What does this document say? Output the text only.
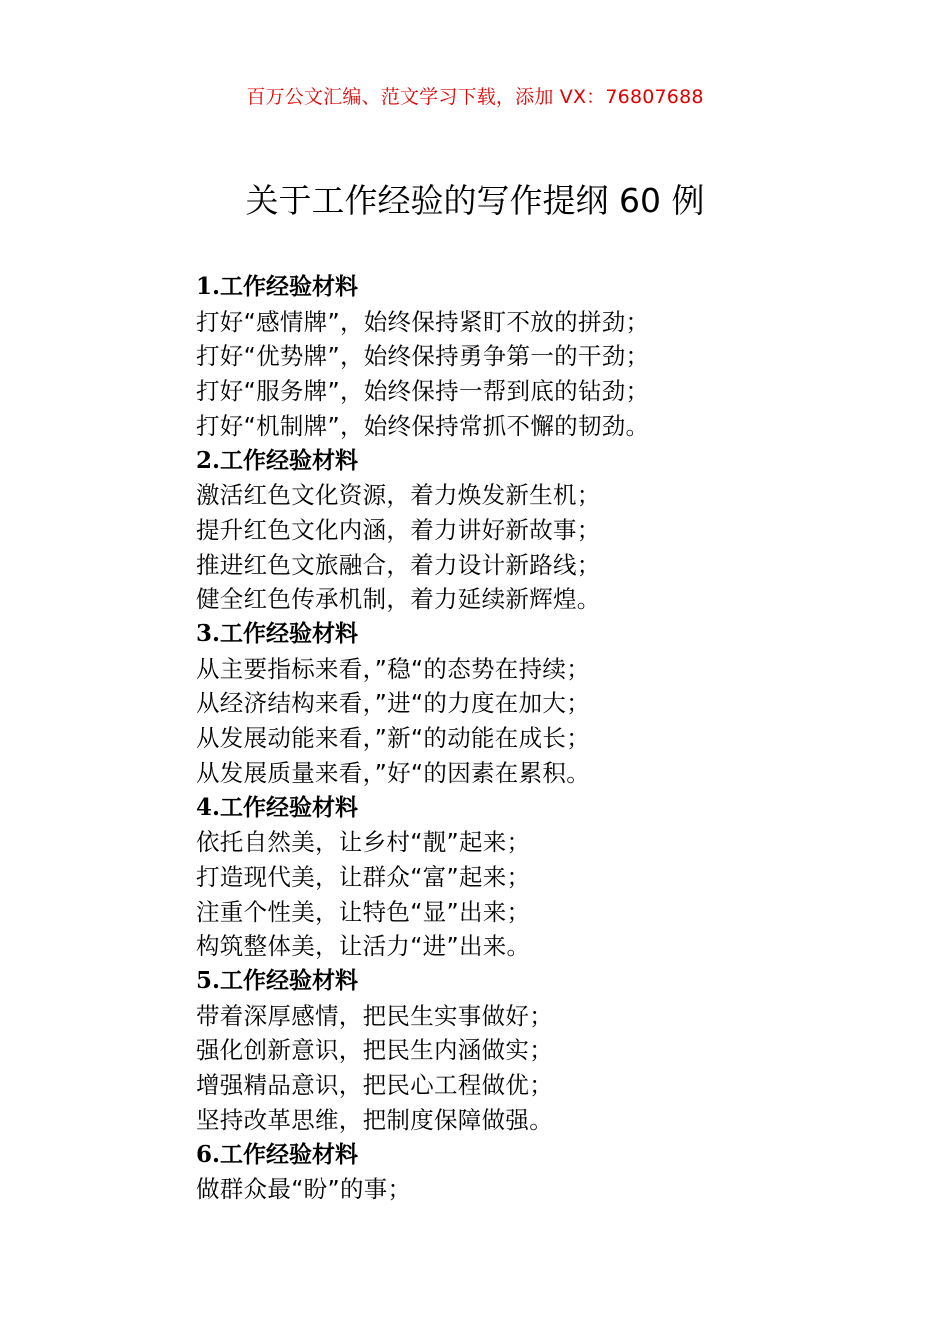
百万公文汇编、范文学习下载，添加 VX：76807688
关于工作经验的写作提纲 60 例
1.工作经验材料
打好“感情牌”，始终保持紧盯不放的拼劲；
打好“优势牌”，始终保持勇争第一的干劲；
打好“服务牌”，始终保持一帮到底的钻劲；
打好“机制牌”，始终保持常抓不懈的韧劲。
2.工作经验材料
激活红色文化资源，着力焕发新生机；
提升红色文化内涵，着力讲好新故事；
推进红色文旅融合，着力设计新路线；
健全红色传承机制，着力延续新辉煌。
3.工作经验材料
从主要指标来看，”稳“的态势在持续；
从经济结构来看，”进“的力度在加大；
从发展动能来看，”新“的动能在成长；
从发展质量来看，”好“的因素在累积。
4.工作经验材料
依托自然美，让乡村“靓”起来；
打造现代美，让群众“富”起来；
注重个性美，让特色“显”出来；
构筑整体美，让活力“进”出来。
5.工作经验材料
带着深厚感情，把民生实事做好；
强化创新意识，把民生内涵做实；
增强精品意识，把民心工程做优；
坚持改革思维，把制度保障做强。
6.工作经验材料
做群众最“盼”的事；
